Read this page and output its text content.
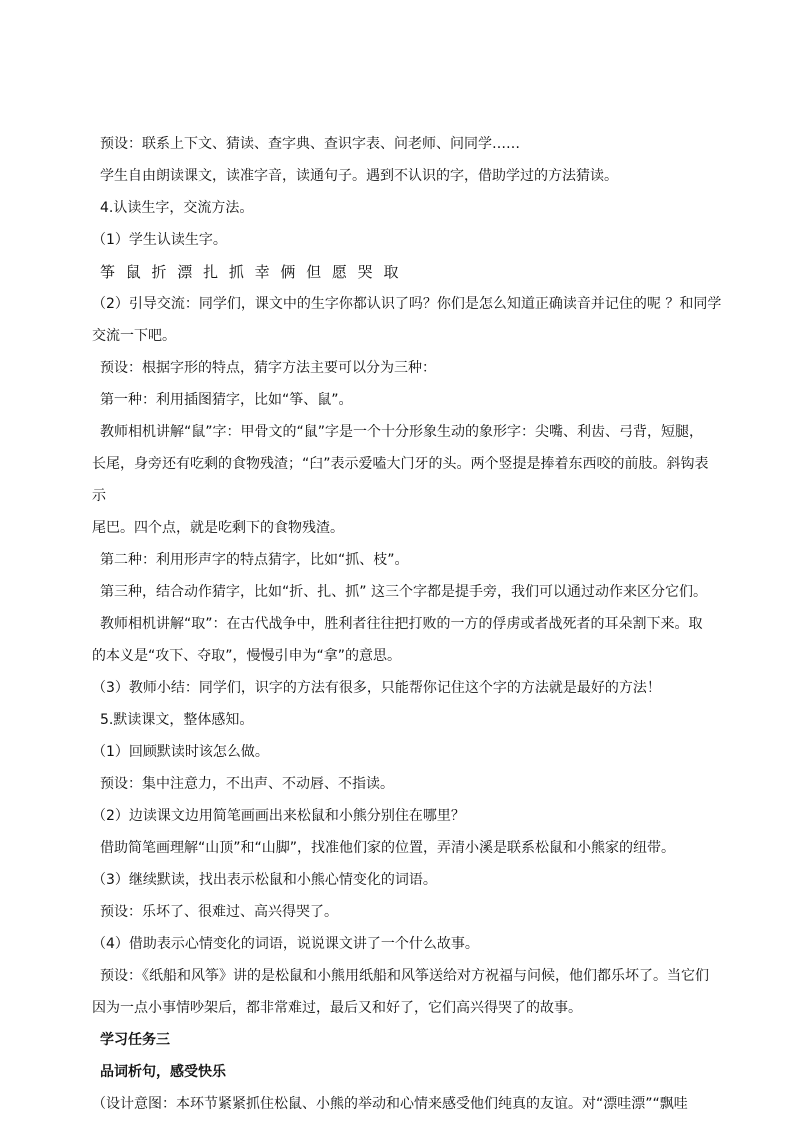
预设：联系上下文、猜读、查字典、查识字表、问老师、问同学……

学生自由朗读课文，读准字音，读通句子。遇到不认识的字，借助学过的方法猜读。

4.认读生字，交流方法。

（1）学生认读生字。

筝 鼠 折 漂 扎 抓 幸 俩 但 愿 哭 取

（2）引导交流：同学们，课文中的生字你都认识了吗？你们是怎么知道正确读音并记住的呢 ？和同学

交流一下吧。

预设：根据字形的特点，猜字方法主要可以分为三种：

第一种：利用插图猜字，比如“筝、鼠”。

教师相机讲解“鼠”字：甲骨文的“鼠”字是一个十分形象生动的象形字：尖嘴、利齿、弓背，短腿，

长尾，身旁还有吃剩的食物残渣；“臼”表示爱嗑大门牙的头。两个竖提是捧着东西咬的前肢。斜钩表示

尾巴。四个点，就是吃剩下的食物残渣。

第二种：利用形声字的特点猜字，比如“抓、枝”。

第三种，结合动作猜字，比如“折、扎、抓” 这三个字都是提手旁，我们可以通过动作来区分它们。

教师相机讲解“取”：在古代战争中，胜利者往往把打败的一方的俘虏或者战死者的耳朵割下来。取

的本义是“攻下、夺取”，慢慢引申为“拿”的意思。

（3）教师小结：同学们，识字的方法有很多，只能帮你记住这个字的方法就是最好的方法！

5.默读课文，整体感知。

（1）回顾默读时该怎么做。

预设：集中注意力，不出声、不动唇、不指读。

（2）边读课文边用简笔画画出来松鼠和小熊分别住在哪里？

借助简笔画理解“山顶”和“山脚”，找准他们家的位置，弄清小溪是联系松鼠和小熊家的纽带。

（3）继续默读，找出表示松鼠和小熊心情变化的词语。

预设：乐坏了、很难过、高兴得哭了。

（4）借助表示心情变化的词语，说说课文讲了一个什么故事。

预设：《纸船和风筝》讲的是松鼠和小熊用纸船和风筝送给对方祝福与问候，他们都乐坏了。当它们

因为一点小事情吵架后，都非常难过，最后又和好了，它们高兴得哭了的故事。

学习任务三

品词析句，感受快乐

（设计意图：本环节紧紧抓住松鼠、小熊的举动和心情来感受他们纯真的友谊。对“漂哇漂”“飘哇
